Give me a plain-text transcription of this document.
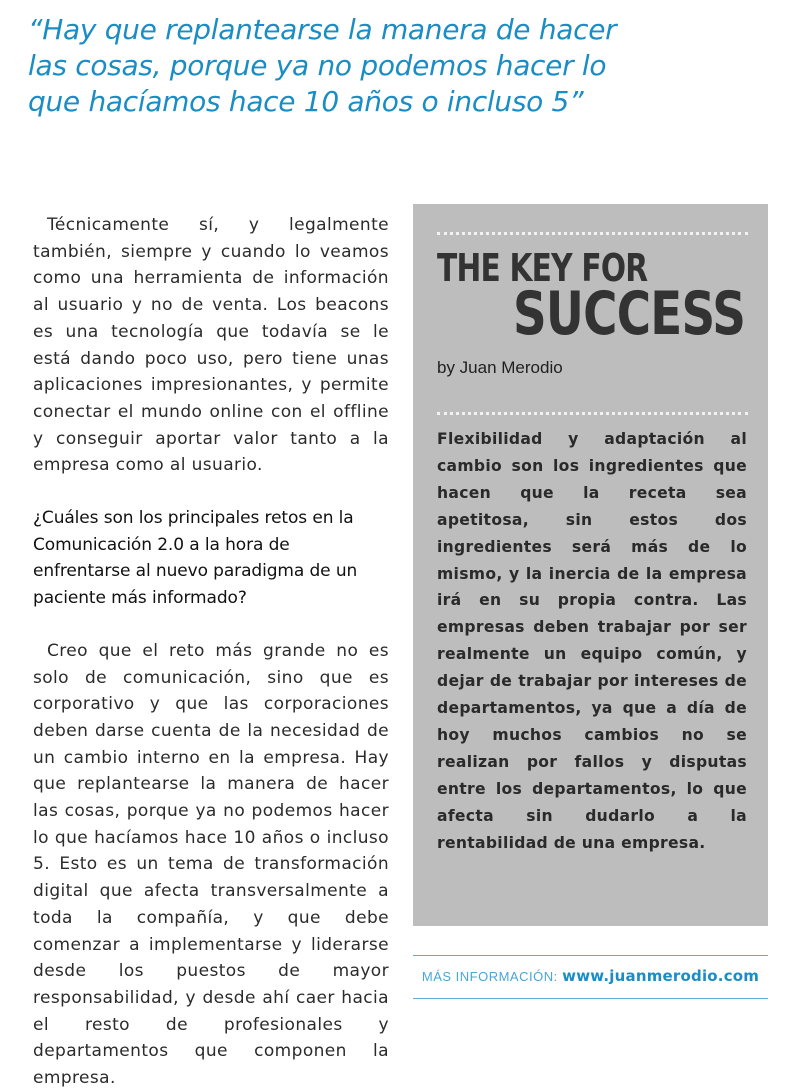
“Hay que replantearse la manera de hacer las cosas, porque ya no podemos hacer lo que hacíamos hace 10 años o incluso 5”

Técnicamente sí, y legalmente también, siempre y cuando lo veamos como una herramienta de información al usuario y no de venta. Los beacons es una tecnología que todavía se le está dando poco uso, pero tiene unas aplicaciones impresionantes, y permite conectar el mundo online con el offline y conseguir aportar valor tanto a la empresa como al usuario.

¿Cuáles son los principales retos en la Comunicación 2.0 a la hora de enfrentarse al nuevo paradigma de un paciente más informado?

Creo que el reto más grande no es solo de comunicación, sino que es corporativo y que las corporaciones deben darse cuenta de la necesidad de un cambio interno en la empresa. Hay que replantearse la manera de hacer las cosas, porque ya no podemos hacer lo que hacíamos hace 10 años o incluso 5. Esto es un tema de transformación digital que afecta transversalmente a toda la compañía, y que debe comenzar a implementarse y liderarse desde los puestos de mayor responsabilidad, y desde ahí caer hacia el resto de profesionales y departamentos que componen la empresa.

THE KEY FOR
SUCCESS
by Juan Merodio

Flexibilidad y adaptación al cambio son los ingredientes que hacen que la receta sea apetitosa, sin estos dos ingredientes será más de lo mismo, y la inercia de la empresa irá en su propia contra. Las empresas deben trabajar por ser realmente un equipo común, y dejar de trabajar por intereses de departamentos, ya que a día de hoy muchos cambios no se realizan por fallos y disputas entre los departamentos, lo que afecta sin dudarlo a la rentabilidad de una empresa.

MÁS INFORMACIÓN: www.juanmerodio.com
